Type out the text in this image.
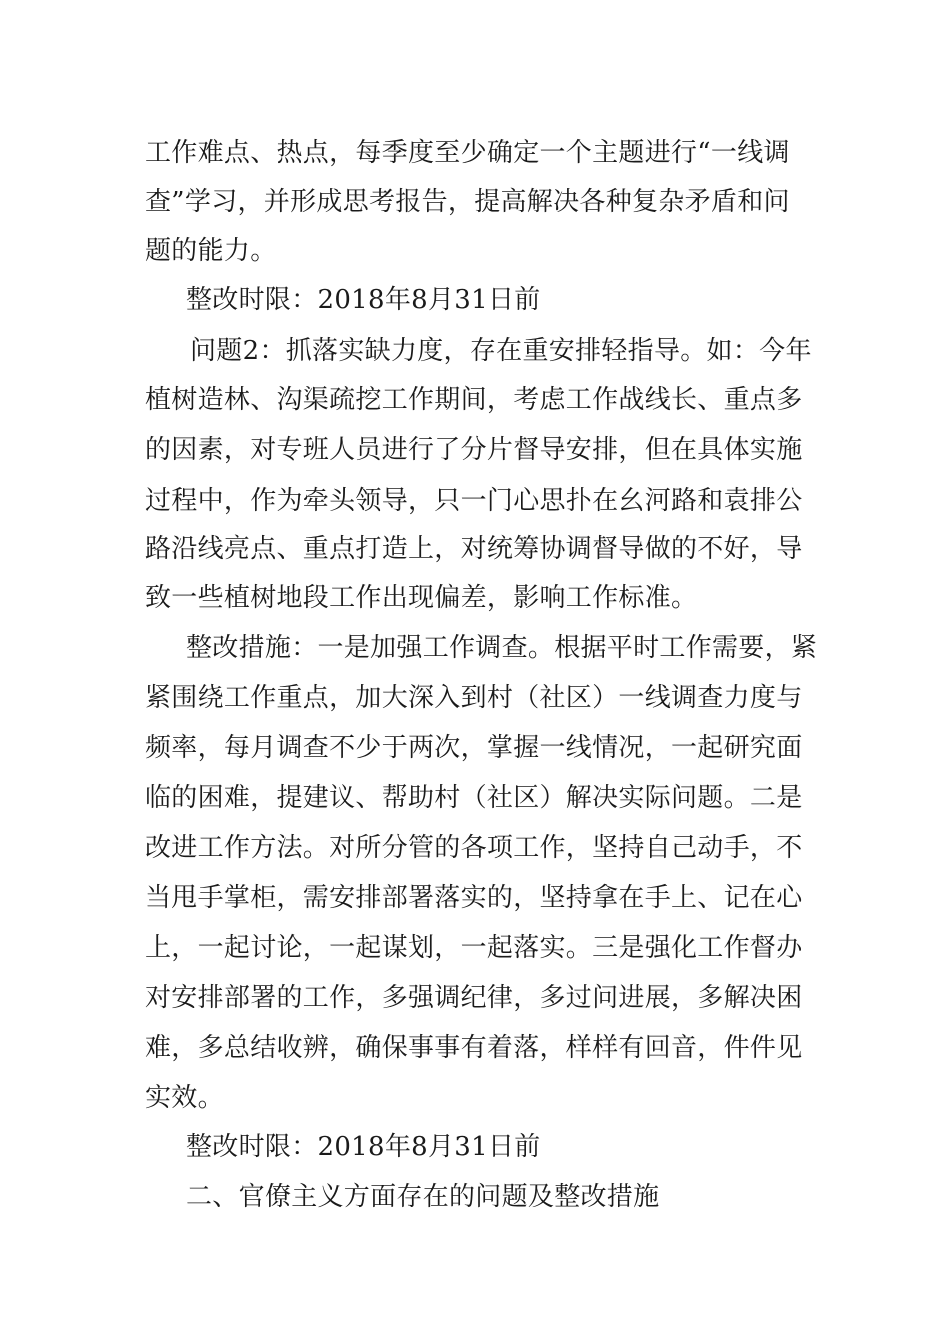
工作难点、热点，每季度至少确定一个主题进行“一线调

查”学习，并形成思考报告，提高解决各种复杂矛盾和问

题的能力。

整改时限：2018年8月31日前

问题2：抓落实缺力度，存在重安排轻指导。如：今年

植树造林、沟渠疏挖工作期间，考虑工作战线长、重点多

的因素，对专班人员进行了分片督导安排，但在具体实施

过程中，作为牵头领导，只一门心思扑在幺河路和袁排公

路沿线亮点、重点打造上，对统筹协调督导做的不好，导

致一些植树地段工作出现偏差，影响工作标准。

整改措施：一是加强工作调查。根据平时工作需要，紧

紧围绕工作重点，加大深入到村（社区）一线调查力度与

频率，每月调查不少于两次，掌握一线情况，一起研究面

临的困难，提建议、帮助村（社区）解决实际问题。二是

改进工作方法。对所分管的各项工作，坚持自己动手，不

当甩手掌柜，需安排部署落实的，坚持拿在手上、记在心

上，一起讨论，一起谋划，一起落实。三是强化工作督办

对安排部署的工作，多强调纪律，多过问进展，多解决困

难，多总结收辨，确保事事有着落，样样有回音，件件见

实效。

整改时限：2018年8月31日前

二、官僚主义方面存在的问题及整改措施
